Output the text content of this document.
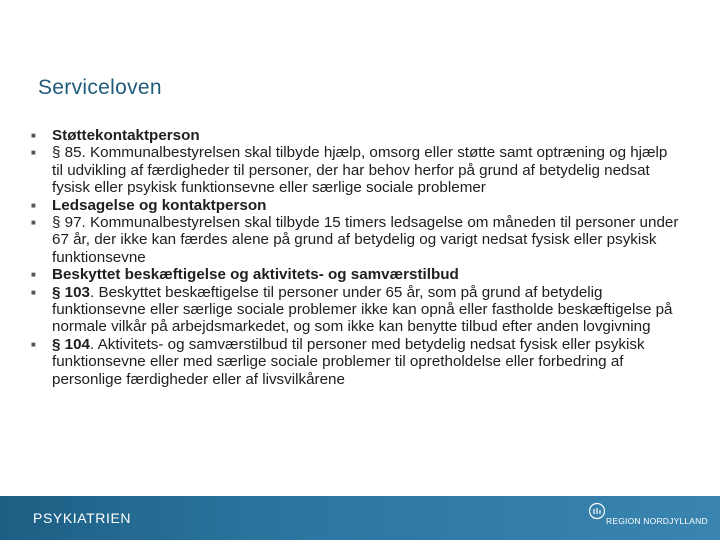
Serviceloven
■ Støttekontaktperson
■ § 85. Kommunalbestyrelsen skal tilbyde hjælp, omsorg eller støtte samt optræning og hjælp til udvikling af færdigheder til personer, der har behov herfor på grund af betydelig nedsat fysisk eller psykisk funktionsevne eller særlige sociale problemer
■ Ledsagelse og kontaktperson
■ § 97. Kommunalbestyrelsen skal tilbyde 15 timers ledsagelse om måneden til personer under 67 år, der ikke kan færdes alene på grund af betydelig og varigt nedsat fysisk eller psykisk funktionsevne
■ Beskyttet beskæftigelse og aktivitets- og samværstilbud
■ § 103. Beskyttet beskæftigelse til personer under 65 år, som på grund af betydelig funktionsevne eller særlige sociale problemer ikke kan opnå eller fastholde beskæftigelse på normale vilkår på arbejdsmarkedet, og som ikke kan benytte tilbud efter anden lovgivning
■ § 104. Aktivitets- og samværstilbud til personer med betydelig nedsat fysisk eller psykisk funktionsevne eller med særlige sociale problemer til opretholdelse eller forbedring af personlige færdigheder eller af livsvilkårene
PSYKIATRIEN	REGION NORDJYLLAND
